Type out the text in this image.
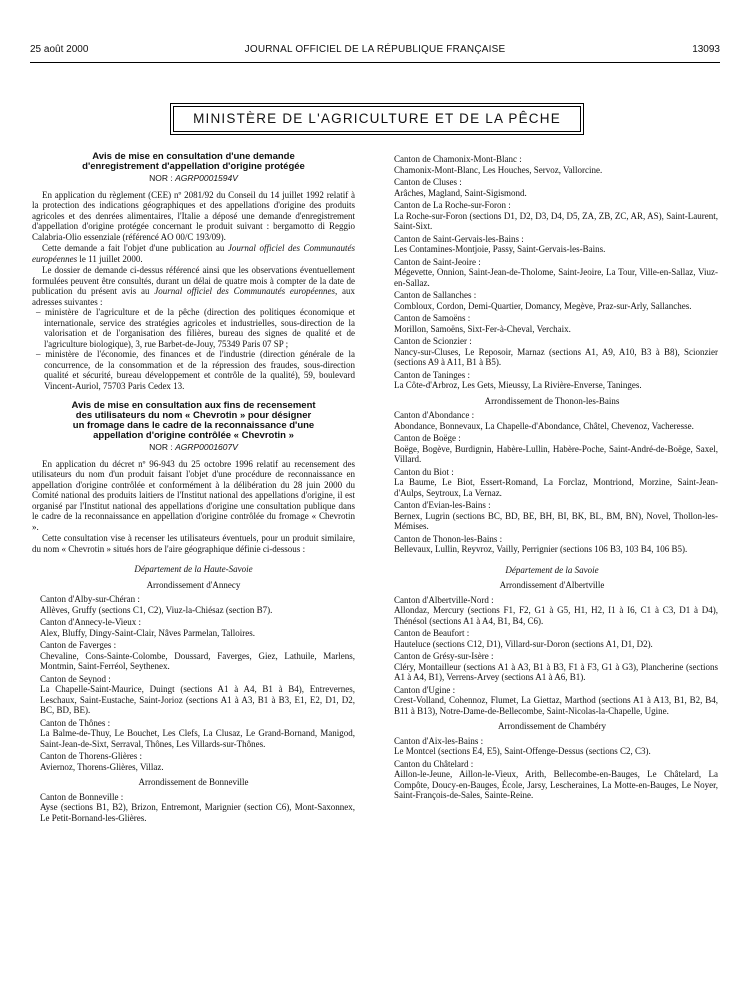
25 août 2000	JOURNAL OFFICIEL DE LA RÉPUBLIQUE FRANÇAISE	13093
MINISTÈRE DE L'AGRICULTURE ET DE LA PÊCHE
Avis de mise en consultation d'une demande
d'enregistrement d'appellation d'origine protégée
NOR : AGRP0001594V

En application du règlement (CEE) nº 2081/92 du Conseil du 14 juillet 1992 relatif à la protection des indications géographiques et des appellations d'origine des produits agricoles et des denrées alimentaires, l'Italie a déposé une demande d'enregistrement d'appellation d'origine protégée concernant le produit suivant : bergamotto di Reggio Calabria-Olio essenziale (référencé AO 00/C 193/09).

Cette demande a fait l'objet d'une publication au Journal officiel des Communautés européennes le 11 juillet 2000.

Le dossier de demande ci-dessus référencé ainsi que les observations éventuellement formulées peuvent être consultés, durant un délai de quatre mois à compter de la date de publication du présent avis au Journal officiel des Communautés européennes, aux adresses suivantes :

– ministère de l'agriculture et de la pêche (direction des politiques économique et internationale, service des stratégies agricoles et industrielles, sous-direction de la valorisation et de l'organisation des filières, bureau des signes de qualité et de l'agriculture biologique), 3, rue Barbet-de-Jouy, 75349 Paris 07 SP ;
– ministère de l'économie, des finances et de l'industrie (direction générale de la concurrence, de la consommation et de la répression des fraudes, sous-direction qualité et sécurité, bureau développement et contrôle de la qualité), 59, boulevard Vincent-Auriol, 75703 Paris Cedex 13.
Avis de mise en consultation aux fins de recensement
des utilisateurs du nom « Chevrotin » pour désigner
un fromage dans le cadre de la reconnaissance d'une
appellation d'origine contrôlée « Chevrotin »
NOR : AGRP0001607V

En application du décret nº 96-943 du 25 octobre 1996 relatif au recensement des utilisateurs du nom d'un produit faisant l'objet d'une procédure de reconnaissance en appellation d'origine contrôlée et conformément à la délibération du 28 juin 2000 du Comité national des produits laitiers de l'Institut national des appellations d'origine, il est organisé par l'Institut national des appellations d'origine une consultation publique dans le cadre de la reconnaissance en appellation d'origine contrôlée du fromage « Chevrotin ».

Cette consultation vise à recenser les utilisateurs éventuels, pour un produit similaire, du nom « Chevrotin » situés hors de l'aire géographique définie ci-dessous :

Département de la Haute-Savoie
Arrondissement d'Annecy
Canton d'Alby-sur-Chéran :
Allèves, Gruffy (sections C1, C2), Viuz-la-Chiésaz (section B7).
Canton d'Annecy-le-Vieux :
Alex, Bluffy, Dingy-Saint-Clair, Nâves Parmelan, Talloires.
Canton de Faverges :
Chevaline, Cons-Sainte-Colombe, Doussard, Faverges, Giez, Lathuile, Marlens, Montmin, Saint-Ferréol, Seythenex.
Canton de Seynod :
La Chapelle-Saint-Maurice, Duingt (sections A1 à A4, B1 à B4), Entrevernes, Leschaux, Saint-Eustache, Saint-Jorioz (sections A1 à A3, B1 à B3, E1, E2, D1, D2, BC, BD, BE).
Canton de Thônes :
La Balme-de-Thuy, Le Bouchet, Les Clefs, La Clusaz, Le Grand-Bornand, Manigod, Saint-Jean-de-Sixt, Serraval, Thônes, Les Villards-sur-Thônes.
Canton de Thorens-Glières :
Aviernoz, Thorens-Glières, Villaz.
Arrondissement de Bonneville
Canton de Bonneville :
Ayse (sections B1, B2), Brizon, Entremont, Marignier (section C6), Mont-Saxonnex, Le Petit-Bornand-les-Glières.
Canton de Chamonix-Mont-Blanc :
Chamonix-Mont-Blanc, Les Houches, Servoz, Vallorcine.
Canton de Cluses :
Arâches, Magland, Saint-Sigismond.
Canton de La Roche-sur-Foron :
La Roche-sur-Foron (sections D1, D2, D3, D4, D5, ZA, ZB, ZC, AR, AS), Saint-Laurent, Saint-Sixt.
Canton de Saint-Gervais-les-Bains :
Les Contamines-Montjoie, Passy, Saint-Gervais-les-Bains.
Canton de Saint-Jeoire :
Mégevette, Onnion, Saint-Jean-de-Tholome, Saint-Jeoire, La Tour, Ville-en-Sallaz, Viuz-en-Sallaz.
Canton de Sallanches :
Combloux, Cordon, Demi-Quartier, Domancy, Megève, Praz-sur-Arly, Sallanches.
Canton de Samoëns :
Morillon, Samoëns, Sixt-Fer-à-Cheval, Verchaix.
Canton de Scionzier :
Nancy-sur-Cluses, Le Reposoir, Marnaz (sections A1, A9, A10, B3 à B8), Scionzier (sections A9 à A11, B1 à B5).
Canton de Taninges :
La Côte-d'Arbroz, Les Gets, Mieussy, La Rivière-Enverse, Taninges.
Arrondissement de Thonon-les-Bains
Canton d'Abondance :
Abondance, Bonnevaux, La Chapelle-d'Abondance, Châtel, Chevenoz, Vacheresse.
Canton de Boëge :
Boëge, Bogève, Burdignin, Habère-Lullin, Habère-Poche, Saint-André-de-Boëge, Saxel, Villard.
Canton du Biot :
La Baume, Le Biot, Essert-Romand, La Forclaz, Montriond, Morzine, Saint-Jean-d'Aulps, Seytroux, La Vernaz.
Canton d'Evian-les-Bains :
Bernex, Lugrin (sections BC, BD, BE, BH, BI, BK, BL, BM, BN), Novel, Thollon-les-Mémises.
Canton de Thonon-les-Bains :
Bellevaux, Lullin, Reyvroz, Vailly, Perrignier (sections 106 B3, 103 B4, 106 B5).
Département de la Savoie
Arrondissement d'Albertville
Canton d'Albertville-Nord :
Allondaz, Mercury (sections F1, F2, G1 à G5, H1, H2, I1 à I6, C1 à C3, D1 à D4), Thénésol (sections A1 à A4, B1, B4, C6).
Canton de Beaufort :
Hauteluce (sections C12, D1), Villard-sur-Doron (sections A1, D1, D2).
Canton de Grésy-sur-Isère :
Cléry, Montailleur (sections A1 à A3, B1 à B3, F1 à F3, G1 à G3), Plancherine (sections A1 à A4, B1), Verrens-Arvey (sections A1 à A6, B1).
Canton d'Ugine :
Crest-Volland, Cohennoz, Flumet, La Giettaz, Marthod (sections A1 à A13, B1, B2, B4, B11 à B13), Notre-Dame-de-Bellecombe, Saint-Nicolas-la-Chapelle, Ugine.
Arrondissement de Chambéry
Canton d'Aix-les-Bains :
Le Montcel (sections E4, E5), Saint-Offenge-Dessus (sections C2, C3).
Canton du Châtelard :
Aillon-le-Jeune, Aillon-le-Vieux, Arith, Bellecombe-en-Bauges, Le Châtelard, La Compôte, Doucy-en-Bauges, École, Jarsy, Lescheraines, La Motte-en-Bauges, Le Noyer, Saint-François-de-Sales, Sainte-Reine.
